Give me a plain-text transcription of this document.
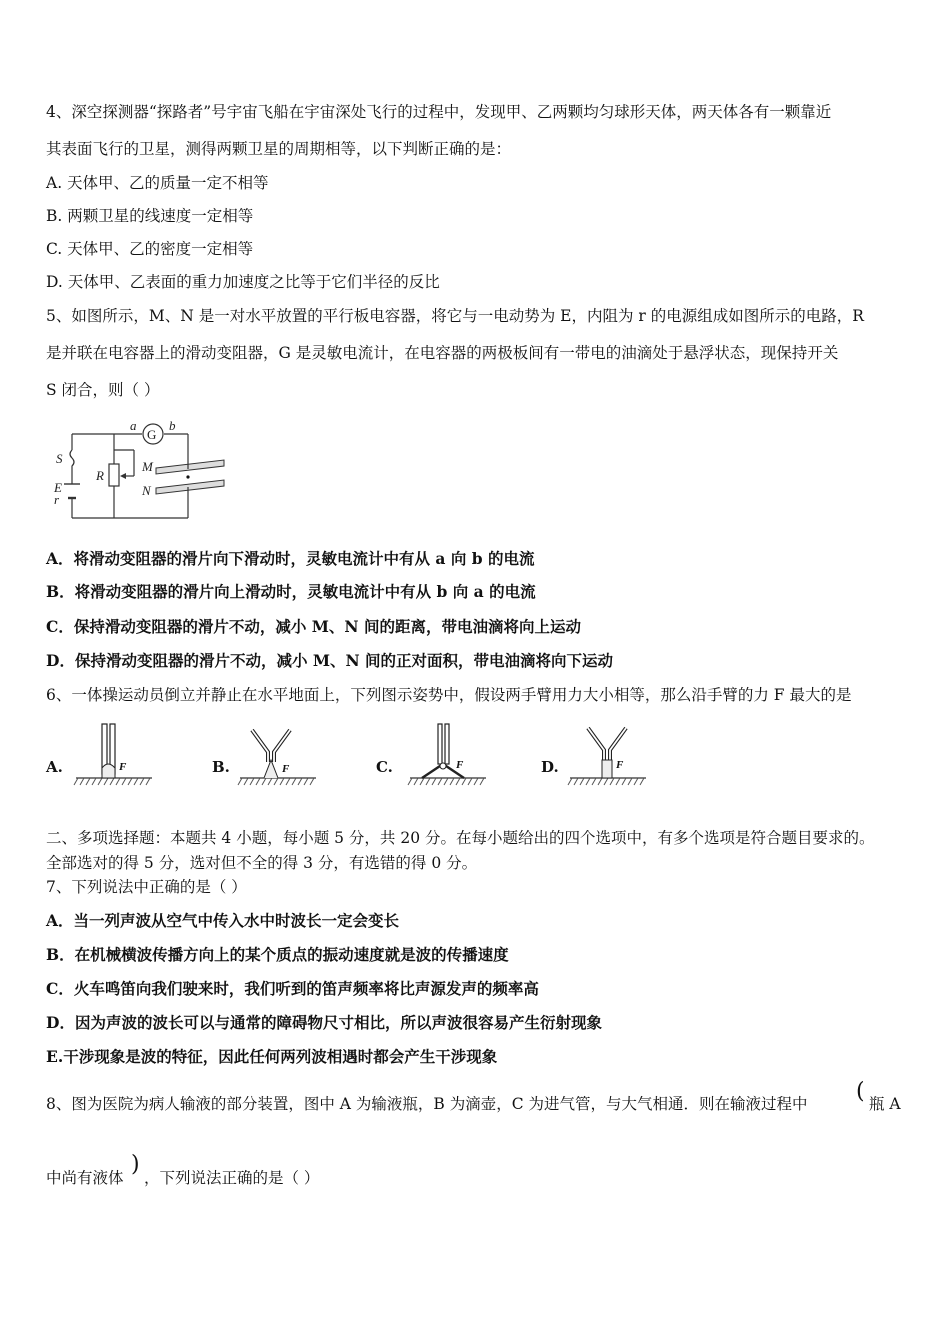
4、深空探测器“探路者”号宇宙飞船在宇宙深处飞行的过程中，发现甲、乙两颗均匀球形天体，两天体各有一颗靠近
其表面飞行的卫星，测得两颗卫星的周期相等，以下判断正确的是：
A. 天体甲、乙的质量一定不相等
B. 两颗卫星的线速度一定相等
C. 天体甲、乙的密度一定相等
D. 天体甲、乙表面的重力加速度之比等于它们半径的反比
5、如图所示，M、N 是一对水平放置的平行板电容器，将它与一电动势为 E，内阻为 r 的电源组成如图所示的电路，R
是并联在电容器上的滑动变阻器，G 是灵敏电流计，在电容器的两极板间有一带电的油滴处于悬浮状态，现保持开关
S 闭合，则（ ）
G
a	b
S
R
M
N
E
r
A．将滑动变阻器的滑片向下滑动时，灵敏电流计中有从 a 向 b 的电流
B．将滑动变阻器的滑片向上滑动时，灵敏电流计中有从 b 向 a 的电流
C．保持滑动变阻器的滑片不动，减小 M、N 间的距离，带电油滴将向上运动
D．保持滑动变阻器的滑片不动，减小 M、N 间的正对面积，带电油滴将向下运动
6、一体操运动员倒立并静止在水平地面上，下列图示姿势中，假设两手臂用力大小相等，那么沿手臂的力 F 最大的是
A.	F	B.	F	C.	F	D.	F
二、多项选择题：本题共 4 小题，每小题 5 分，共 20 分。在每小题给出的四个选项中，有多个选项是符合题目要求的。
全部选对的得 5 分，选对但不全的得 3 分，有选错的得 0 分。
7、下列说法中正确的是（ ）
A．当一列声波从空气中传入水中时波长一定会变长
B．在机械横波传播方向上的某个质点的振动速度就是波的传播速度
C．火车鸣笛向我们驶来时，我们听到的笛声频率将比声源发声的频率高
D．因为声波的波长可以与通常的障碍物尺寸相比，所以声波很容易产生衍射现象
E.干涉现象是波的特征，因此任何两列波相遇时都会产生干涉现象
8、图为医院为病人输液的部分装置，图中 A 为输液瓶，B 为滴壶，C 为进气管，与大气相通．则在输液过程中 ( 瓶 A
中尚有液体
)
，下列说法正确的是（ ）
